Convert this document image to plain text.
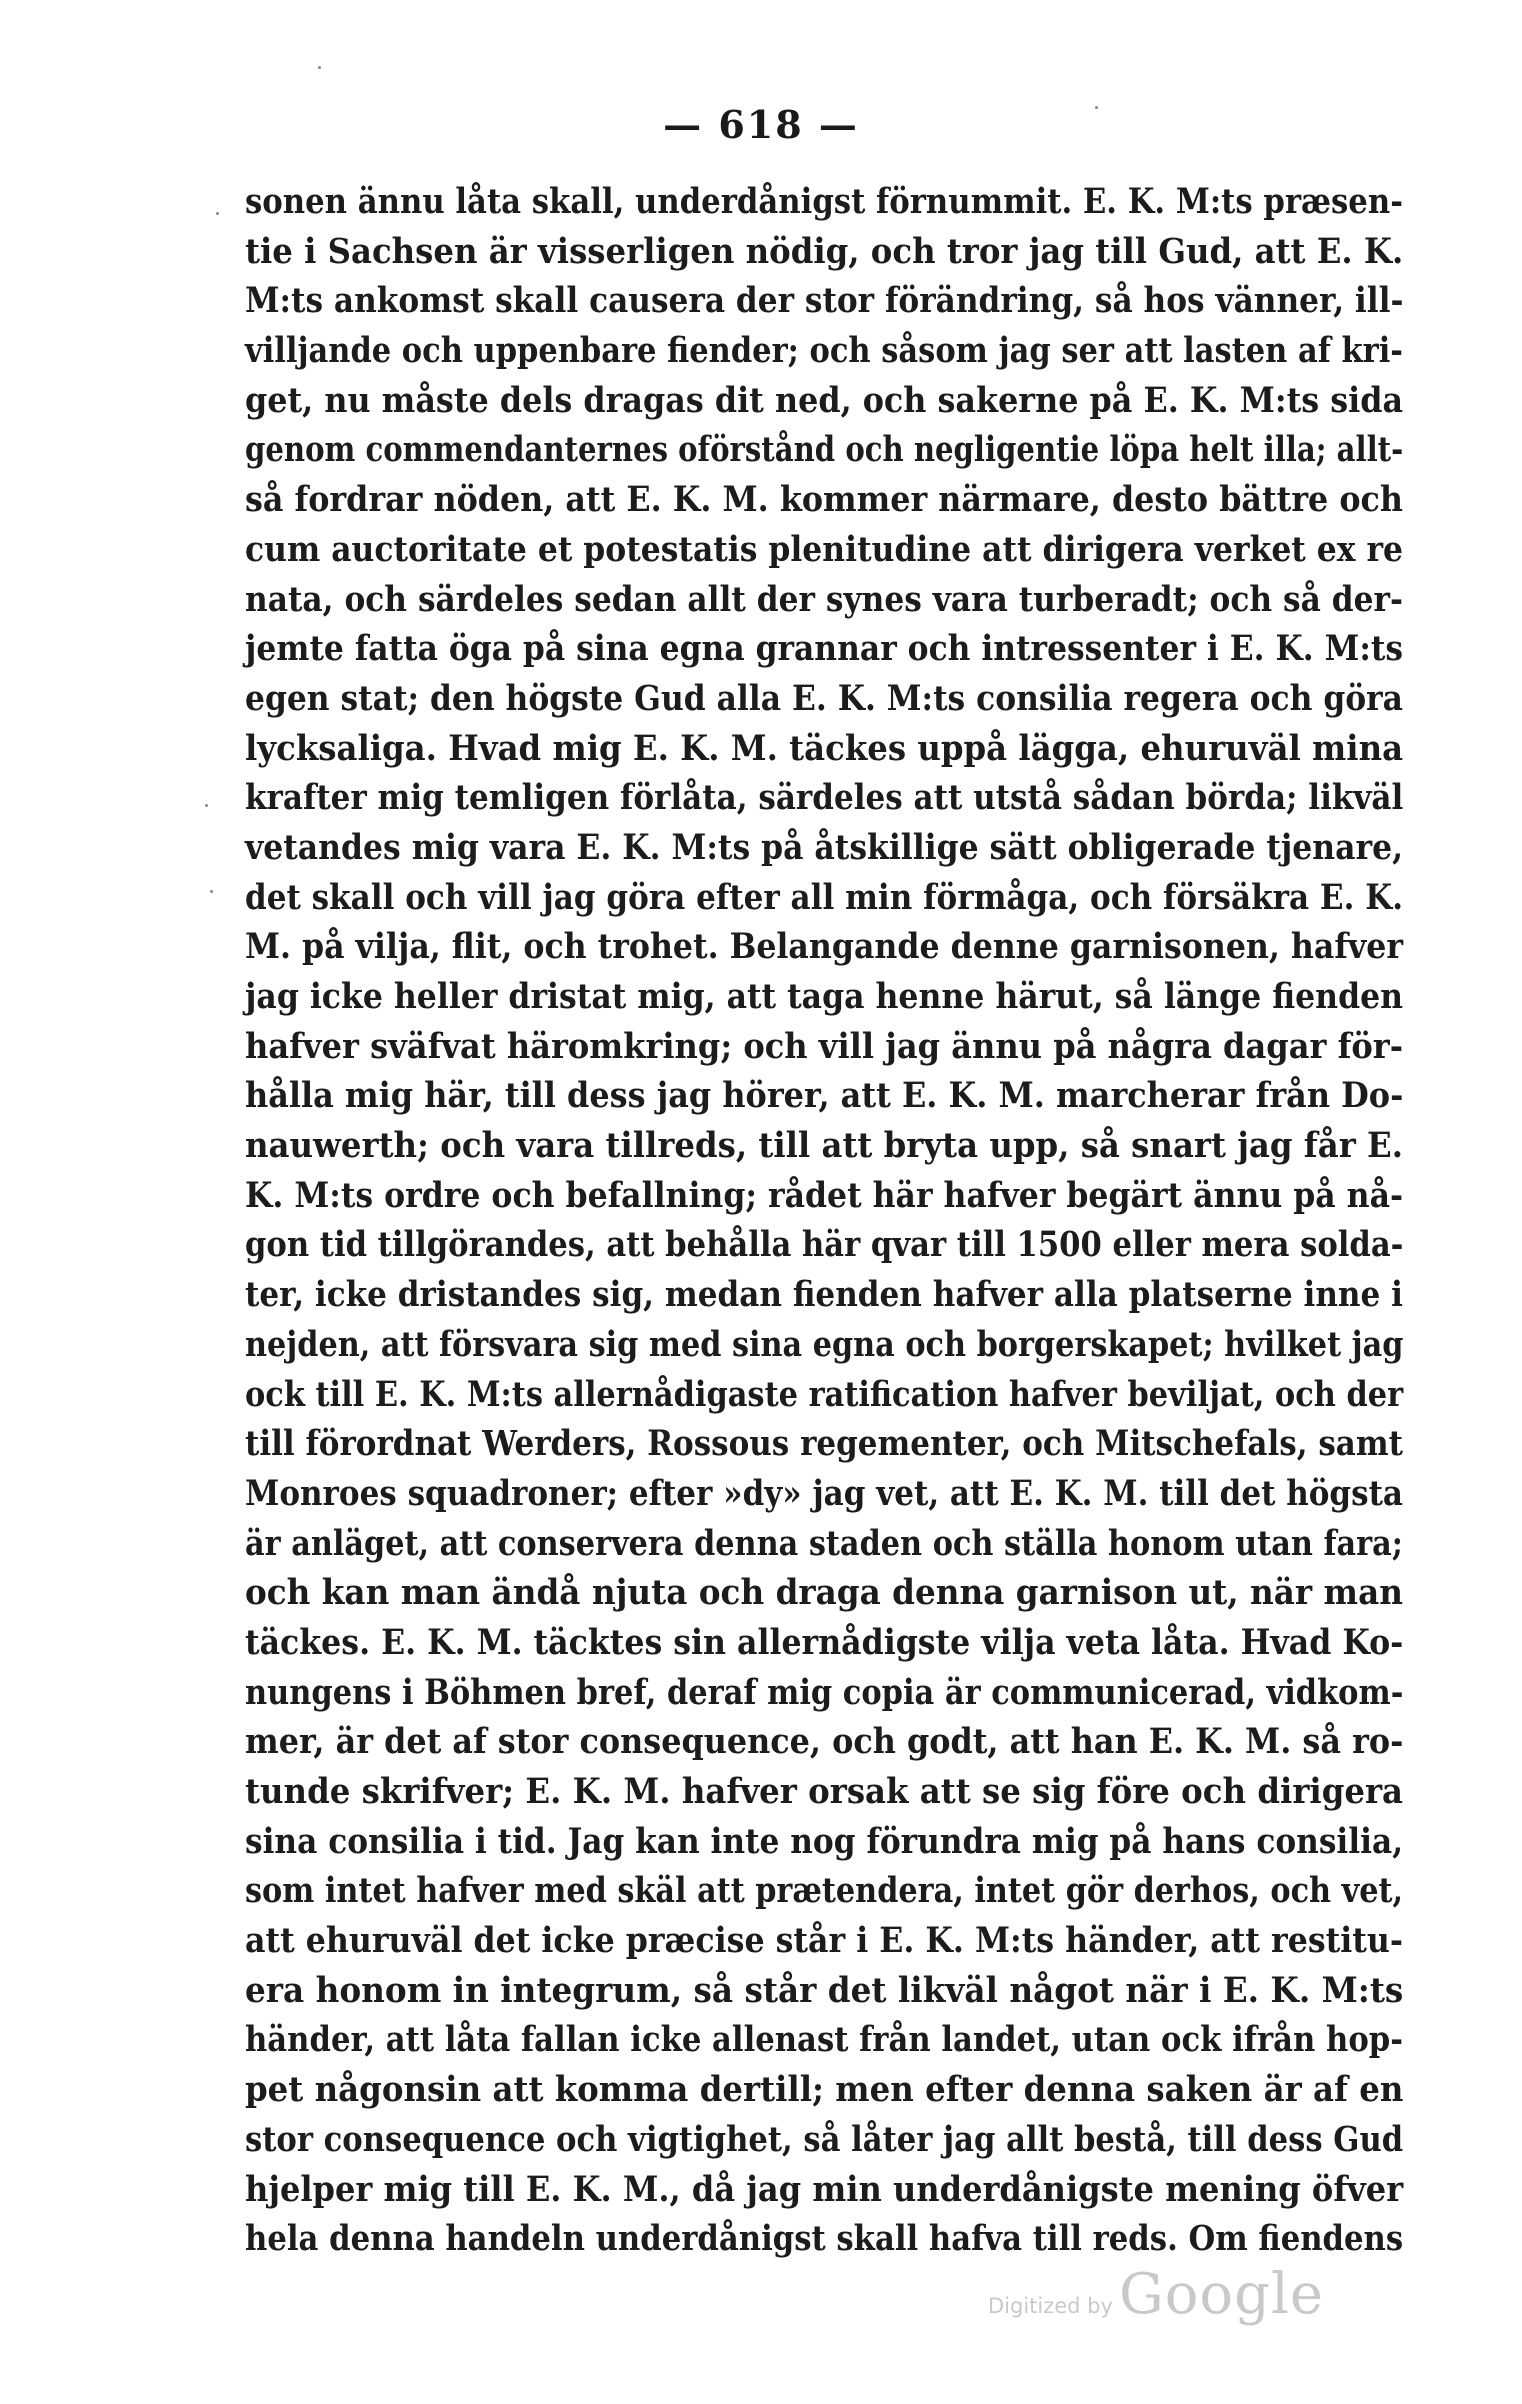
— 618 —
sonen ännu låta skall, underdånigst förnummit. E. K. M:ts præsen-
tie i Sachsen är visserligen nödig, och tror jag till Gud, att E. K.
M:ts ankomst skall causera der stor förändring, så hos vänner, ill-
villjande och uppenbare fiender; och såsom jag ser att lasten af kri-
get, nu måste dels dragas dit ned, och sakerne på E. K. M:ts sida
genom commendanternes oförstånd och negligentie löpa helt illa; allt-
så fordrar nöden, att E. K. M. kommer närmare, desto bättre och
cum auctoritate et potestatis plenitudine att dirigera verket ex re
nata, och särdeles sedan allt der synes vara turberadt; och så der-
jemte fatta öga på sina egna grannar och intressenter i E. K. M:ts
egen stat; den högste Gud alla E. K. M:ts consilia regera och göra
lycksaliga. Hvad mig E. K. M. täckes uppå lägga, ehuruväl mina
krafter mig temligen förlåta, särdeles att utstå sådan börda; likväl
vetandes mig vara E. K. M:ts på åtskillige sätt obligerade tjenare,
det skall och vill jag göra efter all min förmåga, och försäkra E. K.
M. på vilja, flit, och trohet. Belangande denne garnisonen, hafver
jag icke heller dristat mig, att taga henne härut, så länge fienden
hafver sväfvat häromkring; och vill jag ännu på några dagar för-
hålla mig här, till dess jag hörer, att E. K. M. marcherar från Do-
nauwerth; och vara tillreds, till att bryta upp, så snart jag får E.
K. M:ts ordre och befallning; rådet här hafver begärt ännu på nå-
gon tid tillgörandes, att behålla här qvar till 1500 eller mera solda-
ter, icke dristandes sig, medan fienden hafver alla platserne inne i
nejden, att försvara sig med sina egna och borgerskapet; hvilket jag
ock till E. K. M:ts allernådigaste ratification hafver beviljat, och der
till förordnat Werders, Rossous regementer, och Mitschefals, samt
Monroes squadroner; efter »dy» jag vet, att E. K. M. till det högsta
är anläget, att conservera denna staden och ställa honom utan fara;
och kan man ändå njuta och draga denna garnison ut, när man
täckes. E. K. M. täcktes sin allernådigste vilja veta låta. Hvad Ko-
nungens i Böhmen bref, deraf mig copia är communicerad, vidkom-
mer, är det af stor consequence, och godt, att han E. K. M. så ro-
tunde skrifver; E. K. M. hafver orsak att se sig före och dirigera
sina consilia i tid. Jag kan inte nog förundra mig på hans consilia,
som intet hafver med skäl att prætendera, intet gör derhos, och vet,
att ehuruväl det icke præcise står i E. K. M:ts händer, att restitu-
era honom in integrum, så står det likväl något när i E. K. M:ts
händer, att låta fallan icke allenast från landet, utan ock ifrån hop-
pet någonsin att komma dertill; men efter denna saken är af en
stor consequence och vigtighet, så låter jag allt bestå, till dess Gud
hjelper mig till E. K. M., då jag min underdånigste mening öfver
hela denna handeln underdånigst skall hafva till reds. Om fiendens
Digitized by Google
